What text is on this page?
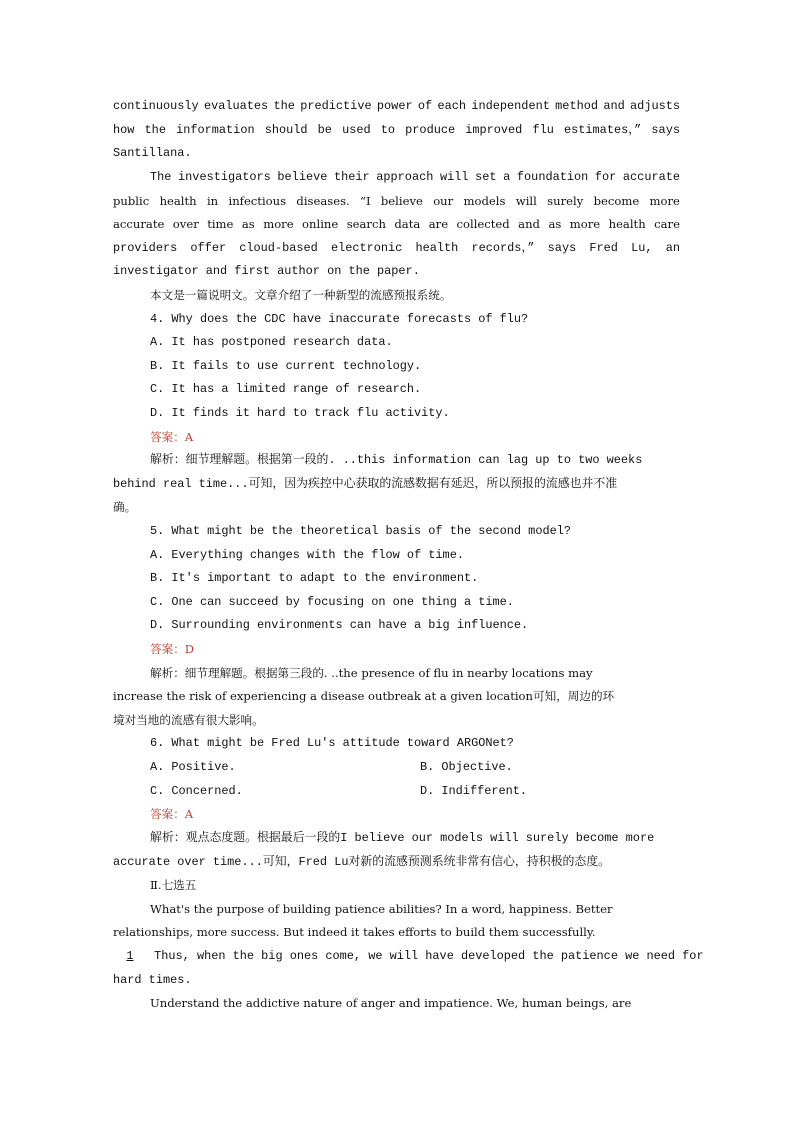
continuously evaluates the predictive power of each independent method and adjusts
how the information should be used to produce improved flu estimates，” says
Santillana.
The investigators believe their approach will set a foundation for accurate
public health in infectious diseases. “I believe our models will surely become more
accurate over time as more online search data are collected and as more health care
providers offer cloud-based electronic health records，” says Fred Lu, an
investigator and first author on the paper.
本文是一篇说明文。文章介绍了一种新型的流感预报系统。
4. Why does the CDC have inaccurate forecasts of flu?
A. It has postponed research data.
B. It fails to use current technology.
C. It has a limited range of research.
D. It finds it hard to track flu activity.
答案：A
解析：细节理解题。根据第一段的. ..this information can lag up to two weeks
behind real time...可知，因为疾控中心获取的流感数据有延迟，所以预报的流感也并不准
确。
5. What might be the theoretical basis of the second model?
A. Everything changes with the flow of time.
B. It's important to adapt to the environment.
C. One can succeed by focusing on one thing a time.
D. Surrounding environments can have a big influence.
答案：D
解析：细节理解题。根据第三段的. ..the presence of flu in nearby locations may
increase the risk of experiencing a disease outbreak at a given location可知，周边的环
境对当地的流感有很大影响。
6. What might be Fred Lu's attitude toward ARGONet?
A. Positive.	B. Objective.
C. Concerned.	D. Indifferent.
答案：A
解析：观点态度题。根据最后一段的I believe our models will surely become more
accurate over time...可知，Fred Lu对新的流感预测系统非常有信心，持积极的态度。
Ⅱ.七选五
What's the purpose of building patience abilities? In a word, happiness. Better
relationships, more success. But indeed it takes efforts to build them successfully.
1 Thus, when the big ones come, we will have developed the patience we need for
hard times.
Understand the addictive nature of anger and impatience. We, human beings, are
